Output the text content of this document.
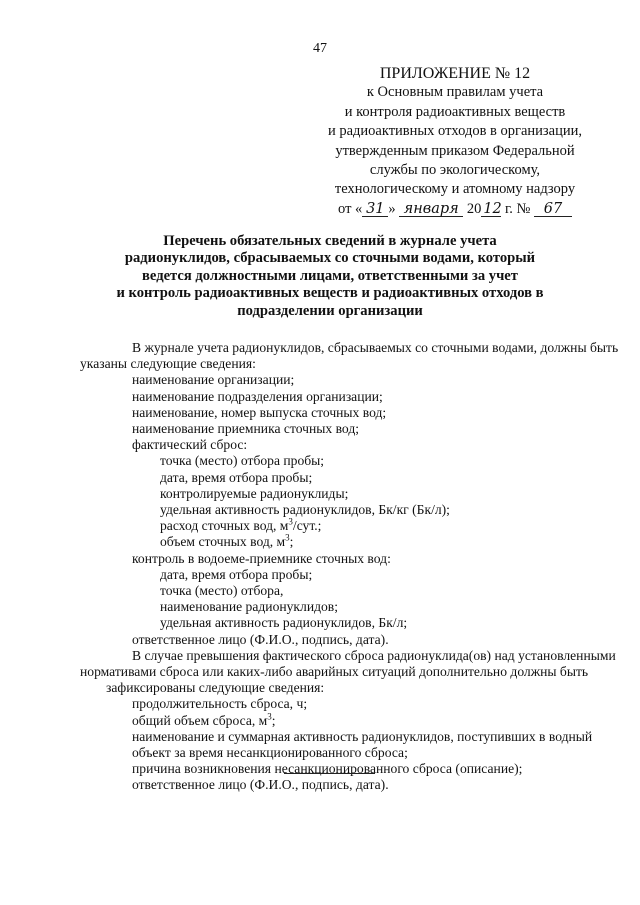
47
ПРИЛОЖЕНИЕ № 12
к Основным правилам учета
и контроля радиоактивных веществ
и радиоактивных отходов в организации,
утвержденным приказом Федеральной
службы по экологическому,
технологическому и атомному надзору
от « 31 » января 20 12 г. № 67
Перечень обязательных сведений в журнале учета
радионуклидов, сбрасываемых со сточными водами, который
ведется должностными лицами, ответственными за учет
и контроль радиоактивных веществ и радиоактивных отходов в
подразделении организации
В журнале учета радионуклидов, сбрасываемых со сточными водами, должны быть
указаны следующие сведения:
наименование организации;
наименование подразделения организации;
наименование, номер выпуска сточных вод;
наименование приемника сточных вод;
фактический сброс:
точка (место) отбора пробы;
дата, время отбора пробы;
контролируемые радионуклиды;
удельная активность радионуклидов, Бк/кг (Бк/л);
расход сточных вод, $м^3$/сут.;
объем сточных вод, $м^3$;
контроль в водоеме-приемнике сточных вод:
дата, время отбора пробы;
точка (место) отбора,
наименование радионуклидов;
удельная активность радионуклидов, Бк/л;
ответственное лицо (Ф.И.О., подпись, дата).
В случае превышения фактического сброса радионуклида(ов) над установленными
нормативами сброса или каких-либо аварийных ситуаций дополнительно должны быть
зафиксированы следующие сведения:
продолжительность сброса, ч;
общий объем сброса, $м^3$;
наименование и суммарная активность радионуклидов, поступивших в водный
объект за время несанкционированного сброса;
причина возникновения несанкционированного сброса (описание);
ответственное лицо (Ф.И.О., подпись, дата).
